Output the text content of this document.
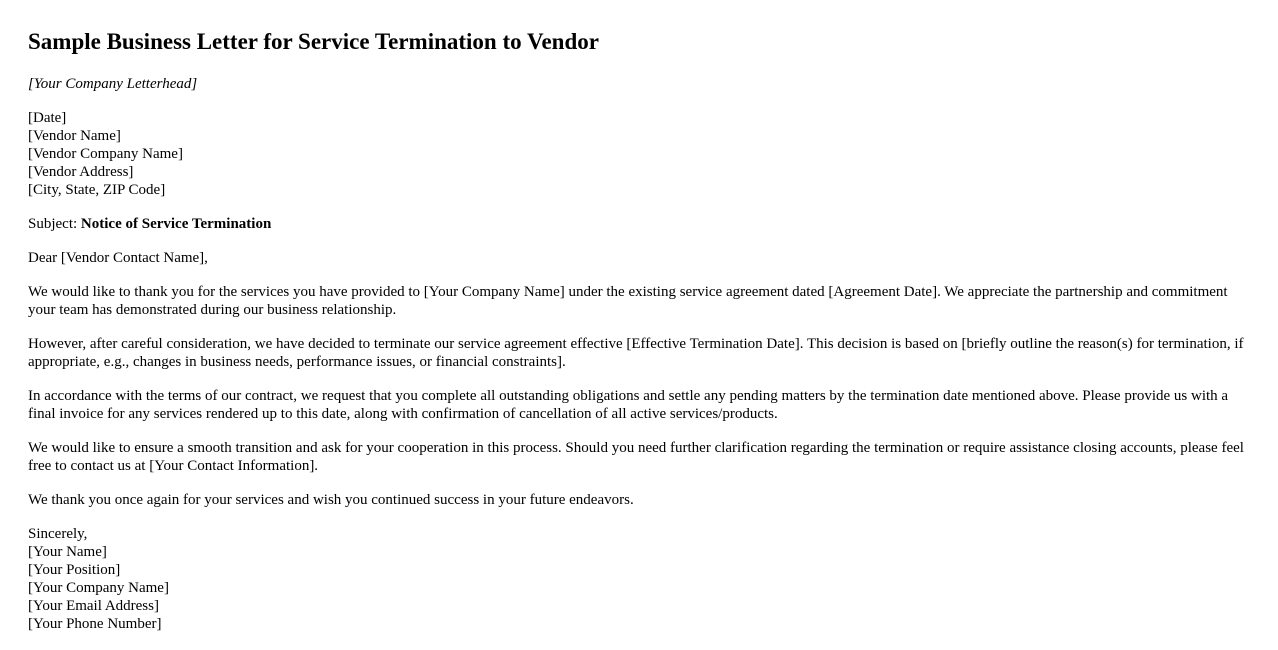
Sample Business Letter for Service Termination to Vendor
[Your Company Letterhead]
[Date]
[Vendor Name]
[Vendor Company Name]
[Vendor Address]
[City, State, ZIP Code]
Subject: Notice of Service Termination
Dear [Vendor Contact Name],

We would like to thank you for the services you have provided to [Your Company Name] under the existing service agreement dated [Agreement Date]. We appreciate the partnership and commitment your team has demonstrated during our business relationship.

However, after careful consideration, we have decided to terminate our service agreement effective [Effective Termination Date]. This decision is based on [briefly outline the reason(s) for termination, if appropriate, e.g., changes in business needs, performance issues, or financial constraints].

In accordance with the terms of our contract, we request that you complete all outstanding obligations and settle any pending matters by the termination date mentioned above. Please provide us with a final invoice for any services rendered up to this date, along with confirmation of cancellation of all active services/products.

We would like to ensure a smooth transition and ask for your cooperation in this process. Should you need further clarification regarding the termination or require assistance closing accounts, please feel free to contact us at [Your Contact Information].

We thank you once again for your services and wish you continued success in your future endeavors.

Sincerely,
[Your Name]
[Your Position]
[Your Company Name]
[Your Email Address]
[Your Phone Number]
